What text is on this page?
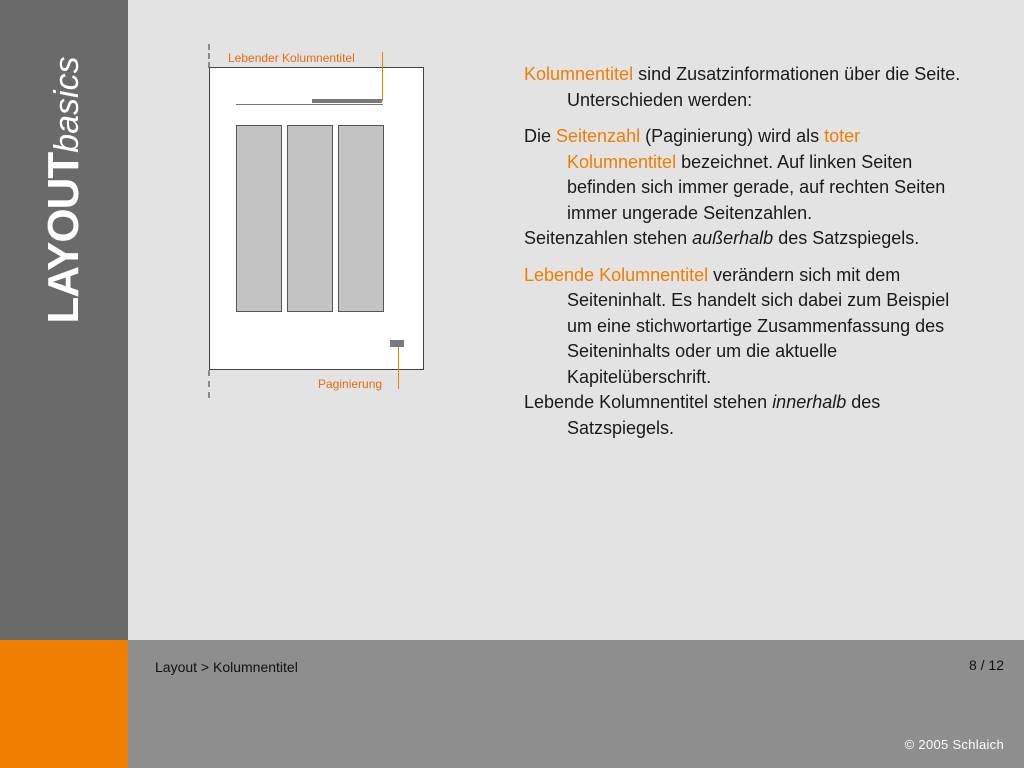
LAYOUTbasics	Lebender Kolumnentitel
Paginierung

Kolumnentitel sind Zusatzinformationen über die Seite. Unterschieden werden:

Die Seitenzahl (Paginierung) wird als toter Kolumnentitel bezeichnet. Auf linken Seiten befinden sich immer gerade, auf rechten Seiten immer ungerade Seitenzahlen.
Seitenzahlen stehen außerhalb des Satzspiegels.

Lebende Kolumnentitel verändern sich mit dem Seiteninhalt. Es handelt sich dabei zum Beispiel um eine stichwortartige Zusammenfassung des Seiteninhalts oder um die aktuelle Kapitelüberschrift.
Lebende Kolumnentitel stehen innerhalb des Satzspiegels.

Layout > Kolumnentitel	8 / 12
© 2005 Schlaich
